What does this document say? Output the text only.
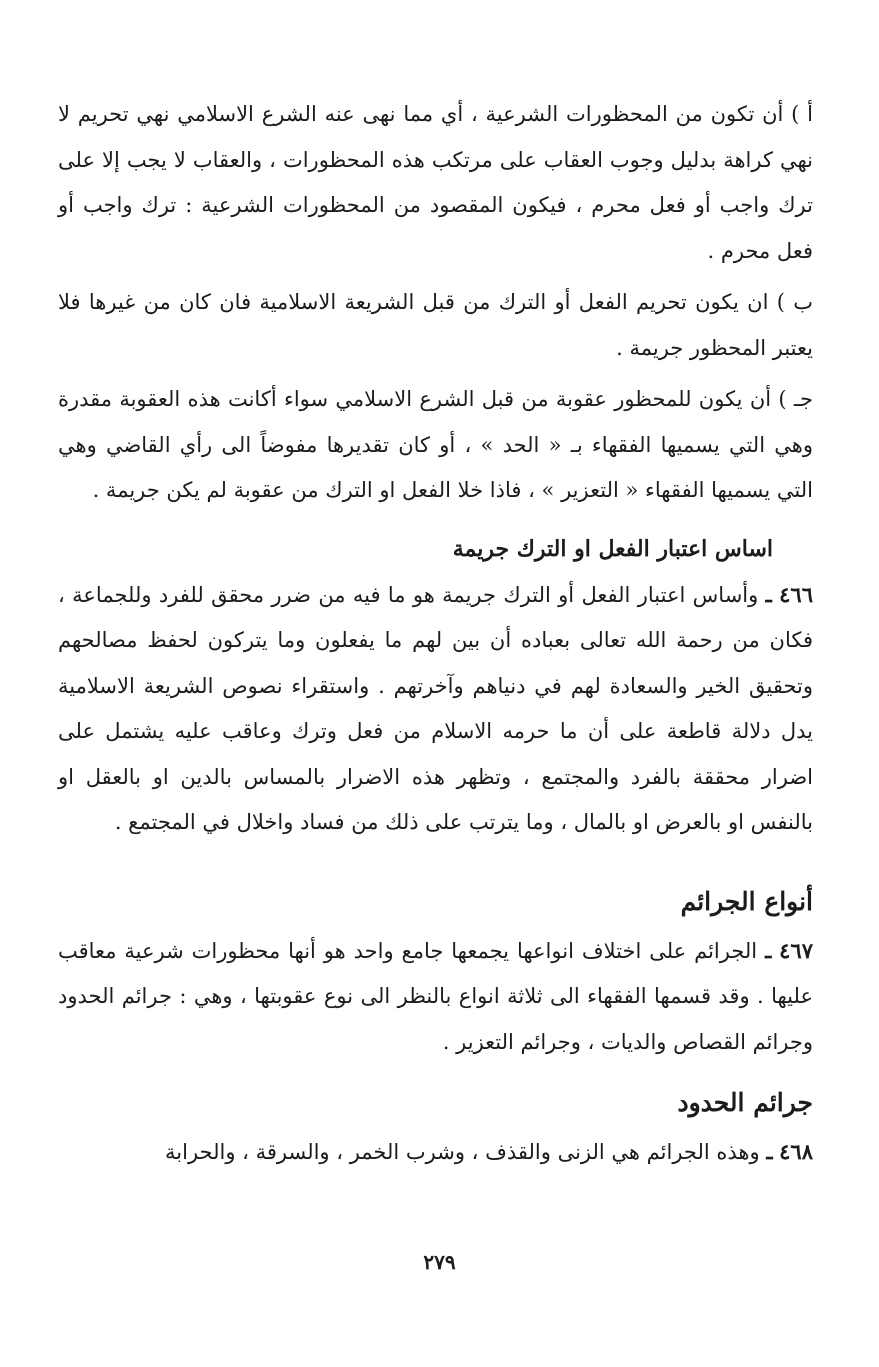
أ ) أن تكون من المحظورات الشرعية ، أي مما نهى عنه الشرع الاسلامي نهي تحريم لا نهي كراهة بدليل وجوب العقاب على مرتكب هذه المحظورات ، والعقاب لا يجب إلا على ترك واجب أو فعل محرم ، فيكون المقصود من المحظورات الشرعية : ترك واجب أو فعل محرم .

ب ) ان يكون تحريم الفعل أو الترك من قبل الشريعة الاسلامية فان كان من غيرها فلا يعتبر المحظور جريمة .

جـ ) أن يكون للمحظور عقوبة من قبل الشرع الاسلامي سواء أكانت هذه العقوبة مقدرة وهي التي يسميها الفقهاء بـ « الحد » ، أو كان تقديرها مفوضاً الى رأي القاضي وهي التي يسميها الفقهاء « التعزير » ، فاذا خلا الفعل او الترك من عقوبة لم يكن جريمة .

اساس اعتبار الفعل او الترك جريمة

٤٦٦ ـ وأساس اعتبار الفعل أو الترك جريمة هو ما فيه من ضرر محقق للفرد وللجماعة ، فكان من رحمة الله تعالى بعباده أن بين لهم ما يفعلون وما يتركون لحفظ مصالحهم وتحقيق الخير والسعادة لهم في دنياهم وآخرتهم . واستقراء نصوص الشريعة الاسلامية يدل دلالة قاطعة على أن ما حرمه الاسلام من فعل وترك وعاقب عليه يشتمل على اضرار محققة بالفرد والمجتمع ، وتظهر هذه الاضرار بالمساس بالدين او بالعقل او بالنفس او بالعرض او بالمال ، وما يترتب على ذلك من فساد واخلال في المجتمع .

أنواع الجرائم

٤٦٧ ـ الجرائم على اختلاف انواعها يجمعها جامع واحد هو أنها محظورات شرعية معاقب عليها . وقد قسمها الفقهاء الى ثلاثة انواع بالنظر الى نوع عقوبتها ، وهي : جرائم الحدود وجرائم القصاص والديات ، وجرائم التعزير .

جرائم الحدود

٤٦٨ ـ وهذه الجرائم هي الزنى والقذف ، وشرب الخمر ، والسرقة ، والحرابة

٢٧٩
